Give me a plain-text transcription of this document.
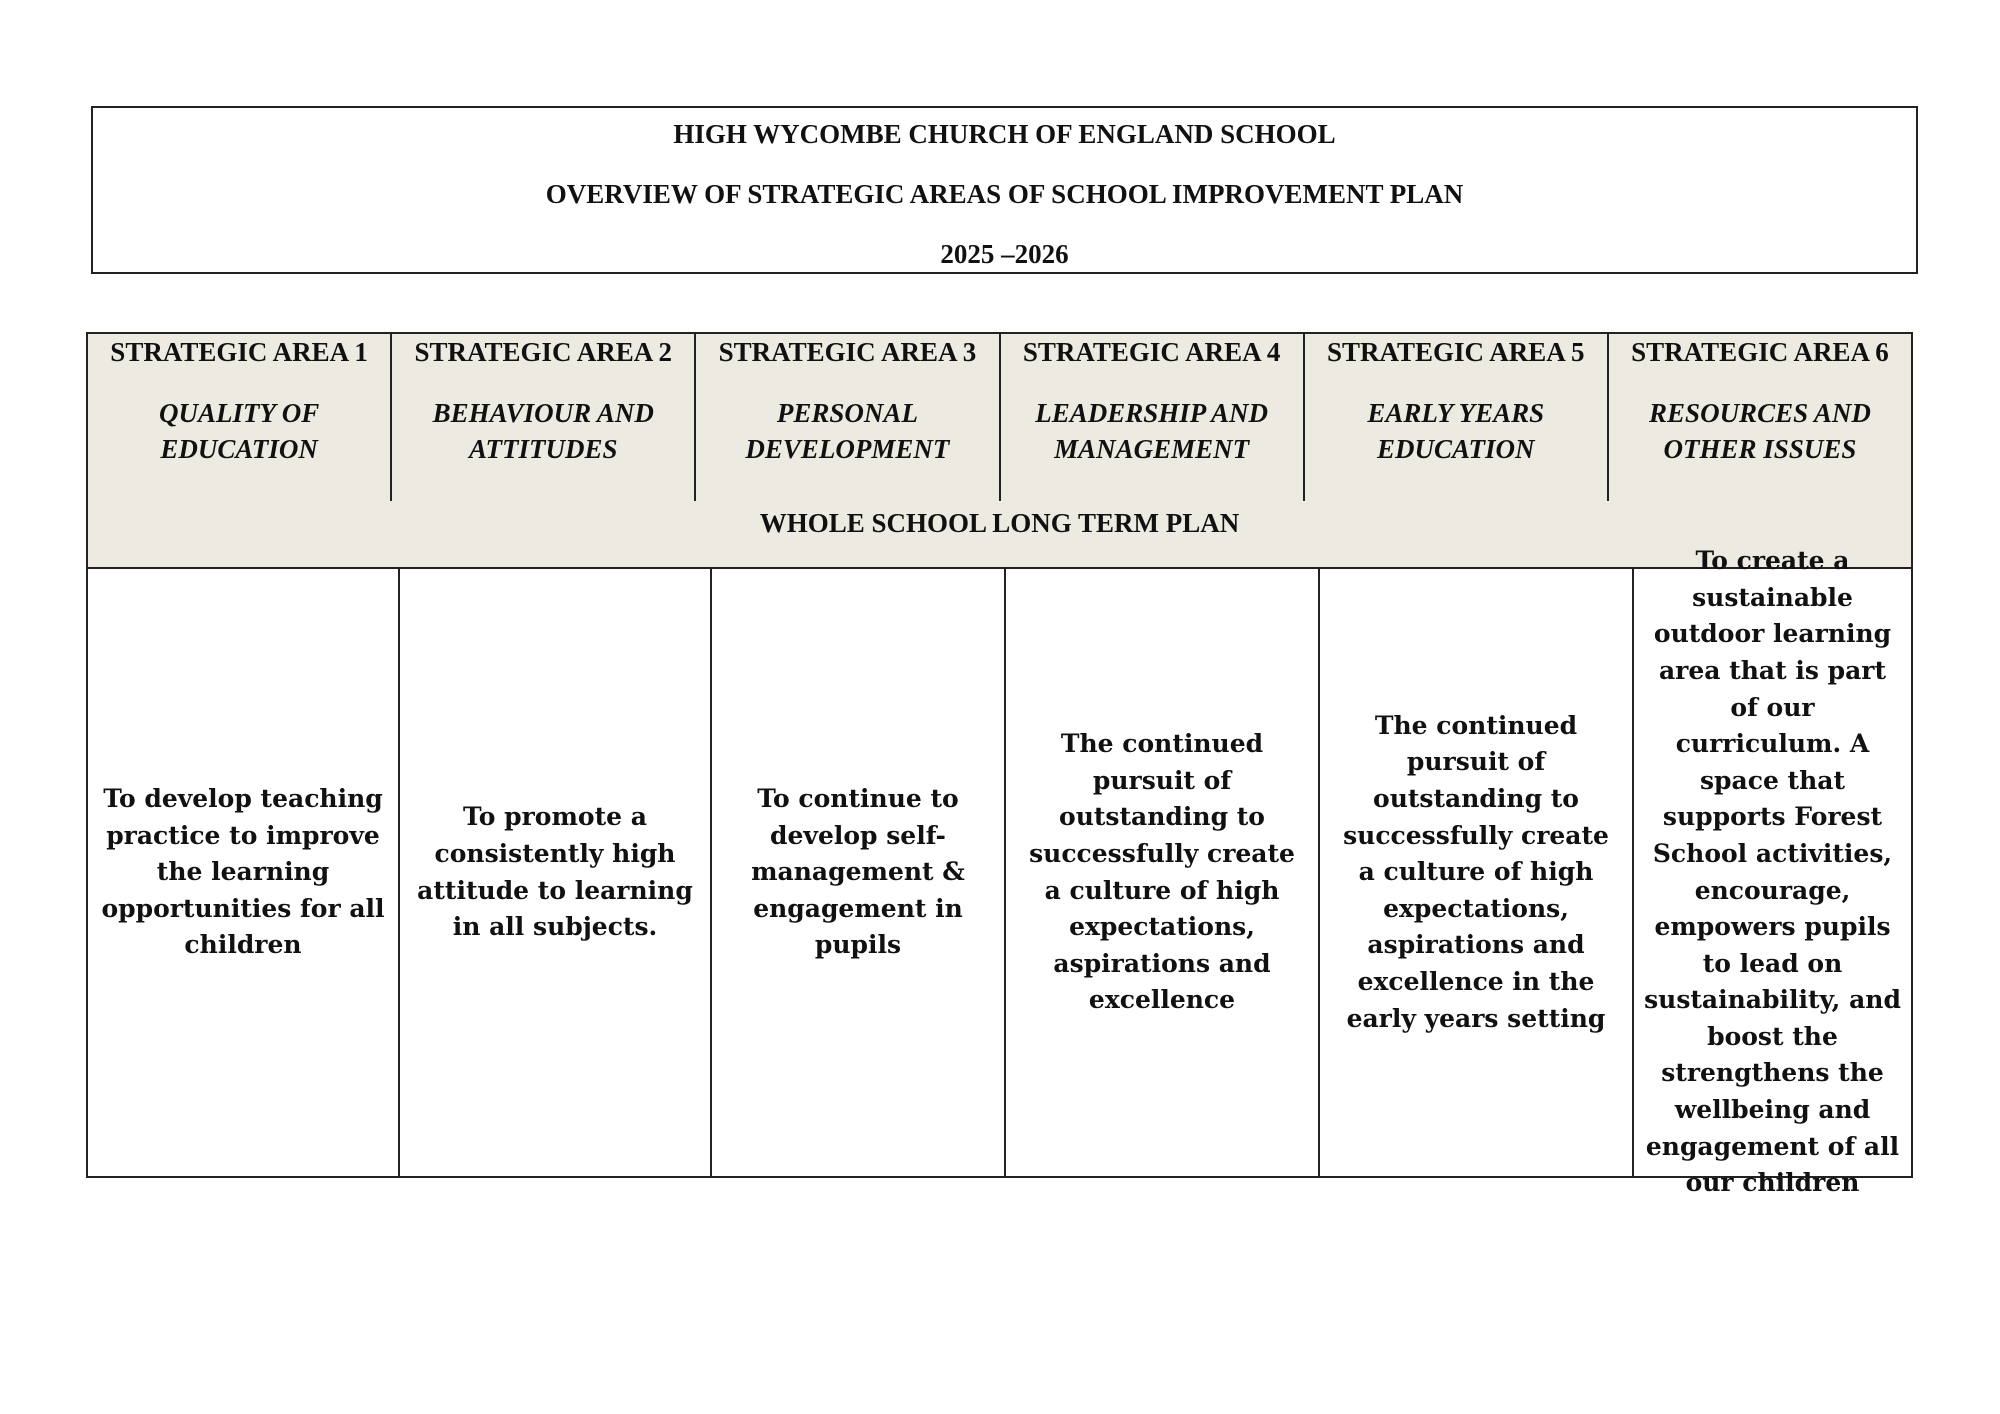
HIGH WYCOMBE CHURCH OF ENGLAND SCHOOL
OVERVIEW OF STRATEGIC AREAS OF SCHOOL IMPROVEMENT PLAN
2025 –2026
STRATEGIC AREA 1
QUALITY OF EDUCATION
STRATEGIC AREA 2
BEHAVIOUR AND ATTITUDES
STRATEGIC AREA 3
PERSONAL DEVELOPMENT
STRATEGIC AREA 4
LEADERSHIP AND MANAGEMENT
STRATEGIC AREA 5
EARLY YEARS EDUCATION
STRATEGIC AREA 6
RESOURCES AND OTHER ISSUES
WHOLE SCHOOL LONG TERM PLAN
To develop teaching practice to improve the learning opportunities for all children
To promote a consistently high attitude to learning in all subjects.
To continue to develop self-management & engagement in pupils
The continued pursuit of outstanding to successfully create a culture of high expectations, aspirations and excellence
The continued pursuit of outstanding to successfully create a culture of high expectations, aspirations and excellence in the early years setting
sustainable outdoor learning area that is part of our curriculum. A space that supports Forest School activities, encourage, empowers pupils to lead on sustainability, and boost the strengthens the wellbeing and engagement of all our children
